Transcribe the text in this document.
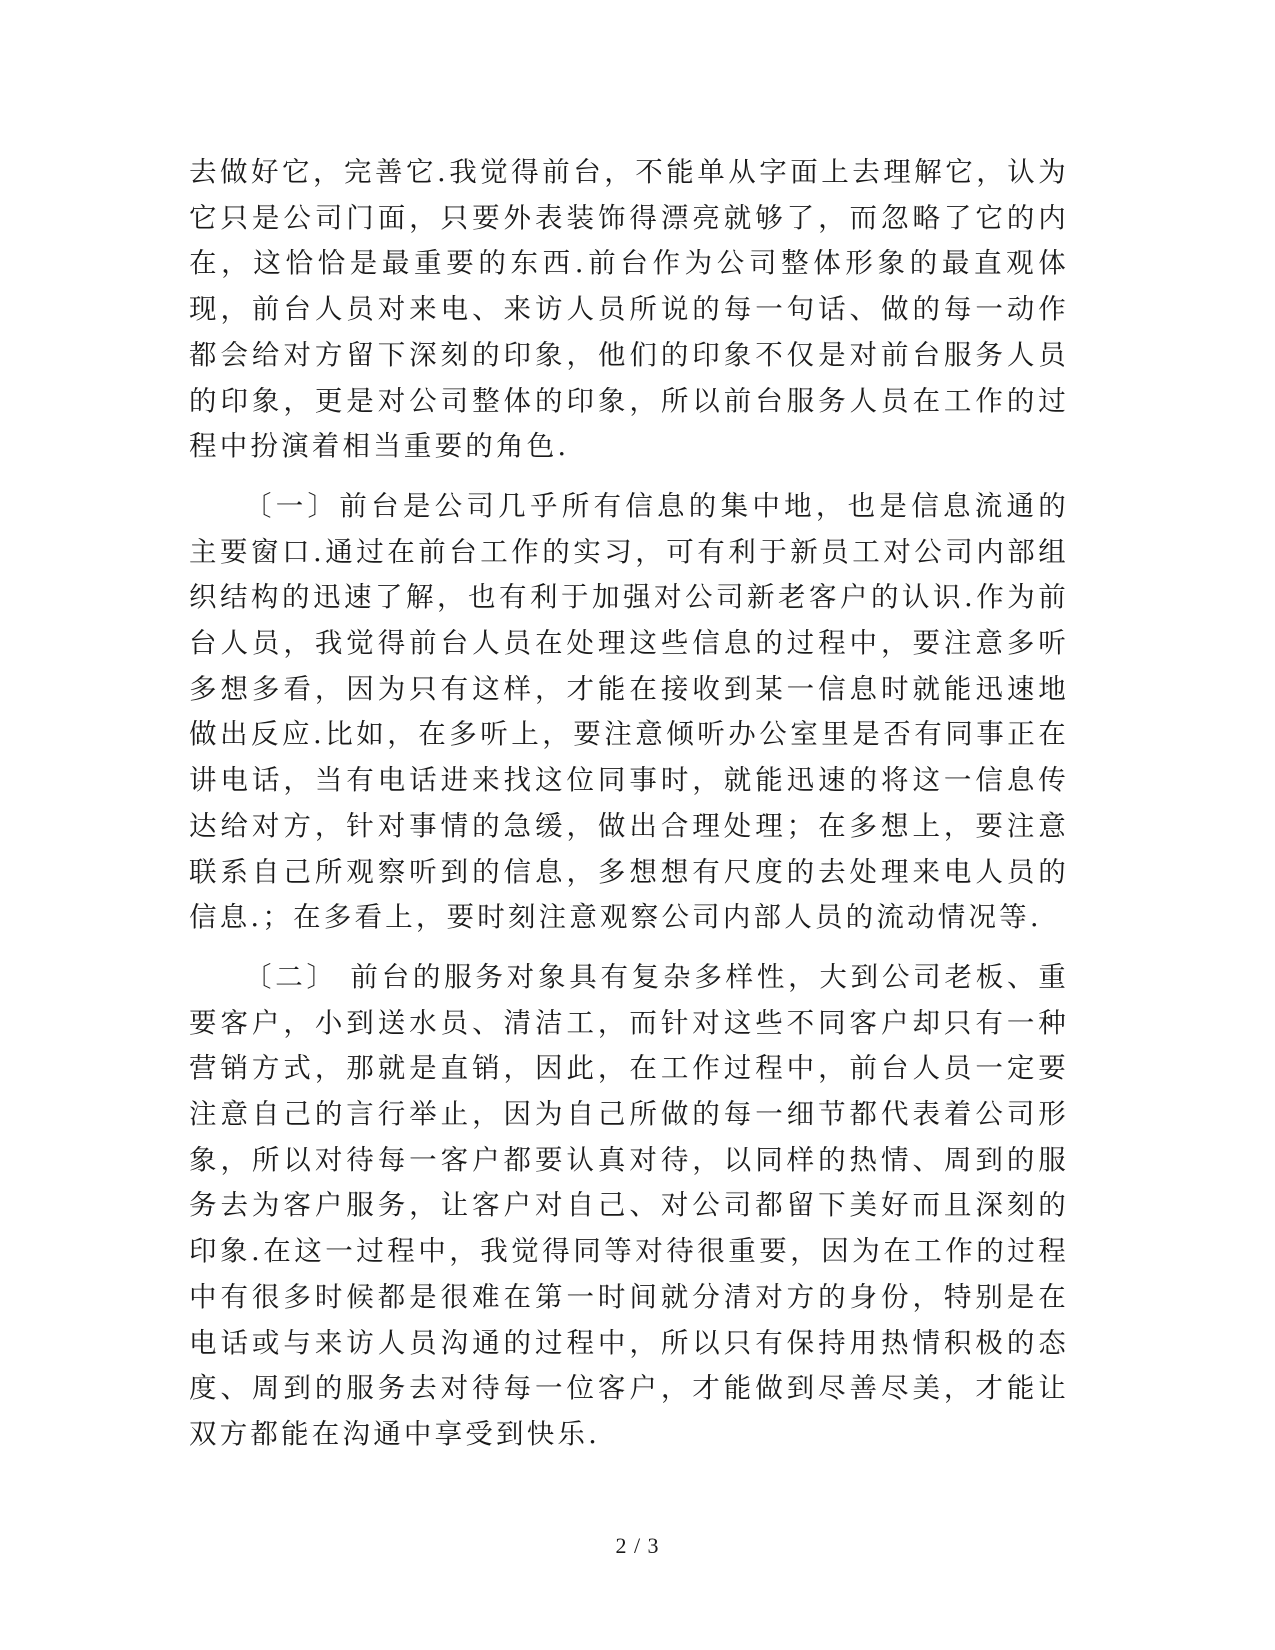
去做好它，完善它.我觉得前台，不能单从字面上去理解它，认为它只是公司门面，只要外表装饰得漂亮就够了，而忽略了它的内在，这恰恰是最重要的东西.前台作为公司整体形象的最直观体现，前台人员对来电、来访人员所说的每一句话、做的每一动作都会给对方留下深刻的印象，他们的印象不仅是对前台服务人员的印象，更是对公司整体的印象，所以前台服务人员在工作的过程中扮演着相当重要的角色.

〔一〕前台是公司几乎所有信息的集中地，也是信息流通的主要窗口.通过在前台工作的实习，可有利于新员工对公司内部组织结构的迅速了解，也有利于加强对公司新老客户的认识.作为前台人员，我觉得前台人员在处理这些信息的过程中，要注意多听多想多看，因为只有这样，才能在接收到某一信息时就能迅速地做出反应.比如，在多听上，要注意倾听办公室里是否有同事正在讲电话，当有电话进来找这位同事时，就能迅速的将这一信息传达给对方，针对事情的急缓，做出合理处理；在多想上，要注意联系自己所观察听到的信息，多想想有尺度的去处理来电人员的信息.；在多看上，要时刻注意观察公司内部人员的流动情况等.

〔二〕 前台的服务对象具有复杂多样性，大到公司老板、重要客户，小到送水员、清洁工，而针对这些不同客户却只有一种营销方式，那就是直销，因此，在工作过程中，前台人员一定要注意自己的言行举止，因为自己所做的每一细节都代表着公司形象，所以对待每一客户都要认真对待，以同样的热情、周到的服务去为客户服务，让客户对自己、对公司都留下美好而且深刻的印象.在这一过程中，我觉得同等对待很重要，因为在工作的过程中有很多时候都是很难在第一时间就分清对方的身份，特别是在电话或与来访人员沟通的过程中，所以只有保持用热情积极的态度、周到的服务去对待每一位客户，才能做到尽善尽美，才能让双方都能在沟通中享受到快乐.

2 / 3
